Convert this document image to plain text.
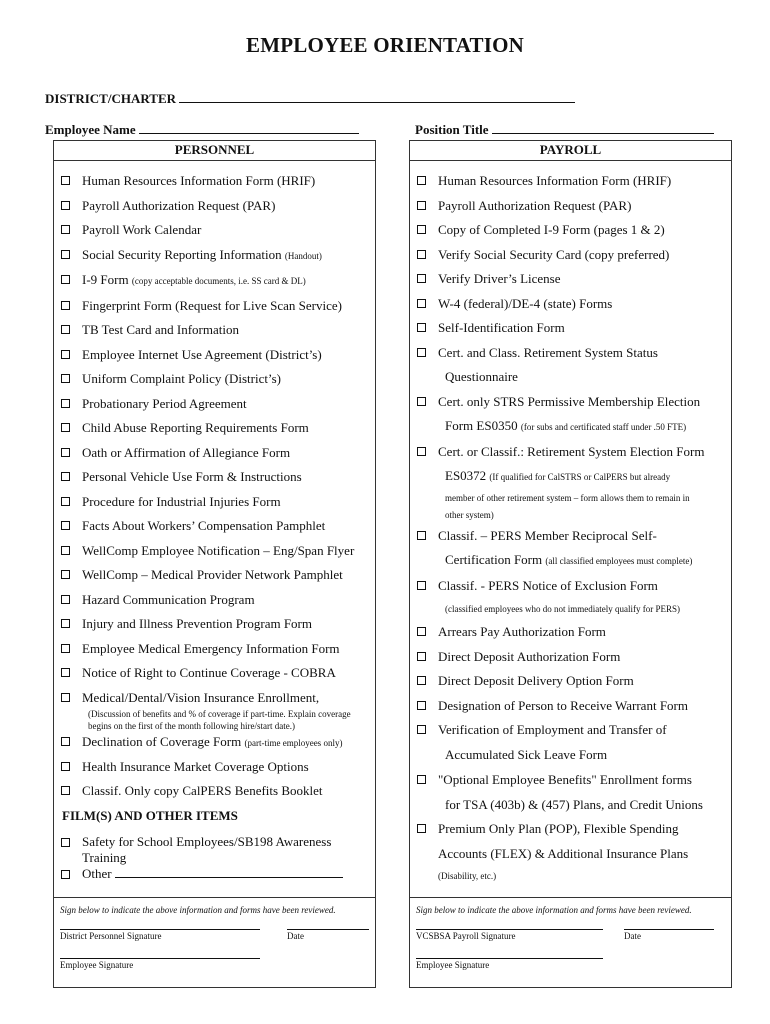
EMPLOYEE ORIENTATION
DISTRICT/CHARTER
Employee Name	Position Title
PERSONNEL
Human Resources Information Form (HRIF)
Payroll Authorization Request (PAR)
Payroll Work Calendar
Social Security Reporting Information (Handout)
I-9 Form (copy acceptable documents, i.e. SS card & DL)
Fingerprint Form (Request for Live Scan Service)
TB Test Card and Information
Employee Internet Use Agreement (District’s)
Uniform Complaint Policy (District’s)
Probationary Period Agreement
Child Abuse Reporting Requirements Form
Oath or Affirmation of Allegiance Form
Personal Vehicle Use Form & Instructions
Procedure for Industrial Injuries Form
Facts About Workers’ Compensation Pamphlet
WellComp Employee Notification – Eng/Span Flyer
WellComp – Medical Provider Network Pamphlet
Hazard Communication Program
Injury and Illness Prevention Program Form
Employee Medical Emergency Information Form
Notice of Right to Continue Coverage - COBRA
Medical/Dental/Vision Insurance Enrollment,
(Discussion of benefits and % of coverage if part-time. Explain coverage begins on the first of the month following hire/start date.)
Declination of Coverage Form (part-time employees only)
Health Insurance Market Coverage Options
Classif. Only copy CalPERS Benefits Booklet
FILM(S) AND OTHER ITEMS
Safety for School Employees/SB198 Awareness Training
Other
Sign below to indicate the above information and forms have been reviewed.
District Personnel Signature	Date
Employee Signature
PAYROLL
Human Resources Information Form (HRIF)
Payroll Authorization Request (PAR)
Copy of Completed I-9 Form (pages 1 & 2)
Verify Social Security Card (copy preferred)
Verify Driver’s License
W-4 (federal)/DE-4 (state) Forms
Self-Identification Form
Cert. and Class. Retirement System Status
Questionnaire
Cert. only STRS Permissive Membership Election
Form ES0350 (for subs and certificated staff under .50 FTE)
Cert. or Classif.: Retirement System Election Form
ES0372 (If qualified for CalSTRS or CalPERS but already
member of other retirement system – form allows them to remain in
other system)
Classif. – PERS Member Reciprocal Self-
Certification Form (all classified employees must complete)
Classif. - PERS Notice of Exclusion Form
(classified employees who do not immediately qualify for PERS)
Arrears Pay Authorization Form
Direct Deposit Authorization Form
Direct Deposit Delivery Option Form
Designation of Person to Receive Warrant Form
Verification of Employment and Transfer of
Accumulated Sick Leave Form
"Optional Employee Benefits" Enrollment forms
for TSA (403b) & (457) Plans, and Credit Unions
Premium Only Plan (POP), Flexible Spending
Accounts (FLEX) & Additional Insurance Plans
(Disability, etc.)
Sign below to indicate the above information and forms have been reviewed.
VCSBSA Payroll Signature	Date
Employee Signature
